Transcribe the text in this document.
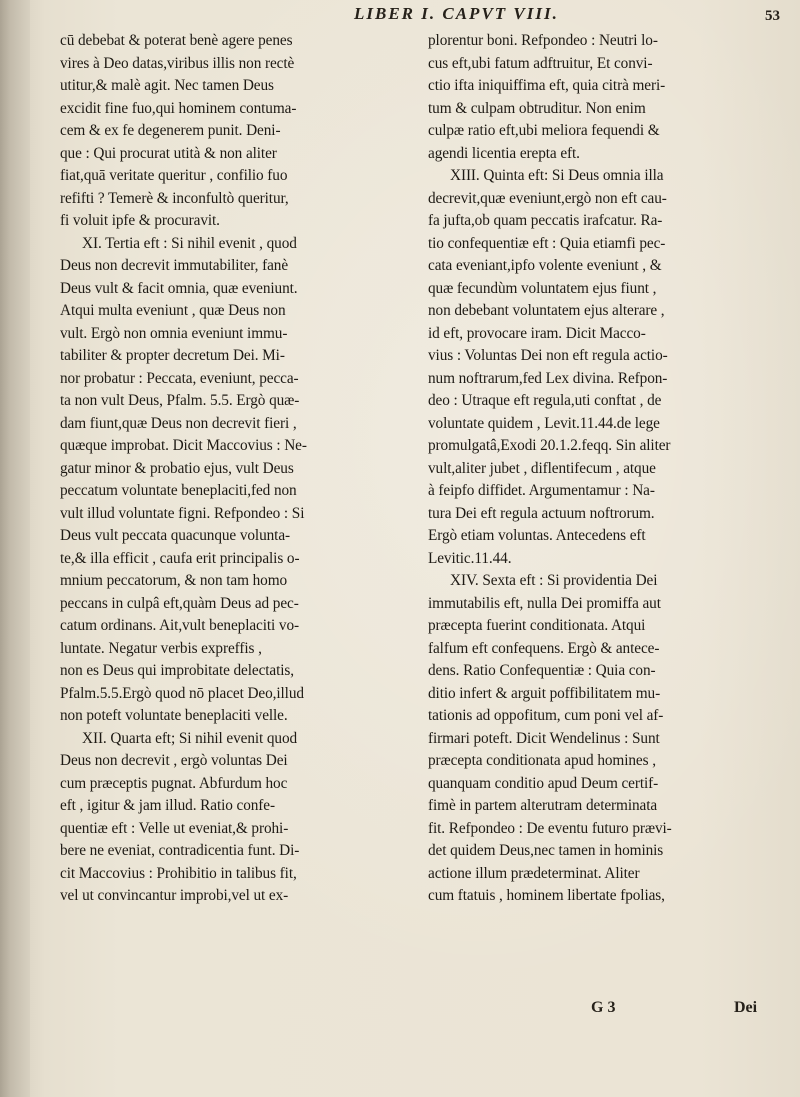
LIBER I. CAPVT VIII.	53
cū debebat & poterat benè agere penes
vires à Deo datas,viribus illis non rectè
utitur,& malè agit. Nec tamen Deus
excidit fine fuo,qui hominem contuma-
cem & ex fe degenerem punit. Deni-
que : Qui procurat utità & non aliter
fiat,quā veritate queritur , confilio fuo
refifti ? Temerè & inconfultò queritur,
fi voluit ipfe & procuravit.
XI. Tertia eft : Si nihil evenit , quod
Deus non decrevit immutabiliter, fanè
Deus vult & facit omnia, quæ eveniunt.
Atqui multa eveniunt , quæ Deus non
vult. Ergò non omnia eveniunt immu-
tabiliter & propter decretum Dei. Mi-
nor probatur : Peccata, eveniunt, pecca-
ta non vult Deus, Pfalm. 5.5. Ergò quæ-
dam fiunt,quæ Deus non decrevit fieri ,
quæque improbat. Dicit Maccovius : Ne-
gatur minor & probatio ejus, vult Deus
peccatum voluntate beneplaciti,fed non
vult illud voluntate figni. Refpondeo : Si
Deus vult peccata quacunque volunta-
te,& illa efficit , caufa erit principalis o-
mnium peccatorum, & non tam homo
peccans in culpâ eft,quàm Deus ad pec-
catum ordinans. Ait,vult beneplaciti vo-
luntate. Negatur verbis expreffis ,
non es Deus qui improbitate delectatis,
Pfalm.5.5.Ergò quod nō placet Deo,illud
non poteft voluntate beneplaciti velle.
XII. Quarta eft; Si nihil evenit quod
Deus non decrevit , ergò voluntas Dei
cum præceptis pugnat. Abfurdum hoc
eft , igitur & jam illud. Ratio confe-
quentiæ eft : Velle ut eveniat,& prohi-
bere ne eveniat, contradicentia funt. Di-
cit Maccovius : Prohibitio in talibus fit,
vel ut convincantur improbi,vel ut ex-
plorentur boni. Refpondeo : Neutri lo-
cus eft,ubi fatum adftruitur, Et convi-
ctio ifta iniquiffima eft, quia citrà meri-
tum & culpam obtruditur. Non enim
culpæ ratio eft,ubi meliora fequendi &
agendi licentia erepta eft.
XIII. Quinta eft: Si Deus omnia illa
decrevit,quæ eveniunt,ergò non eft cau-
fa jufta,ob quam peccatis irafcatur. Ra-
tio confequentiæ eft : Quia etiamfi pec-
cata eveniant,ipfo volente eveniunt , &
quæ fecundùm voluntatem ejus fiunt ,
non debebant voluntatem ejus alterare ,
id eft, provocare iram. Dicit Macco-
vius : Voluntas Dei non eft regula actio-
num noftrarum,fed Lex divina. Refpon-
deo : Utraque eft regula,uti conftat , de
voluntate quidem , Levit.11.44.de lege
promulgatâ,Exodi 20.1.2.feqq. Sin aliter
vult,aliter jubet , diflentifecum , atque
à feipfo diffidet. Argumentamur : Na-
tura Dei eft regula actuum noftrorum.
Ergò etiam voluntas. Antecedens eft
Levitic.11.44.
XIV. Sexta eft : Si providentia Dei
immutabilis eft, nulla Dei promiffa aut
præcepta fuerint conditionata. Atqui
falfum eft confequens. Ergò & antece-
dens. Ratio Confequentiæ : Quia con-
ditio infert & arguit poffibilitatem mu-
tationis ad oppofitum, cum poni vel af-
firmari poteft. Dicit Wendelinus : Sunt
præcepta conditionata apud homines ,
quanquam conditio apud Deum certif-
fimè in partem alterutram determinata
fit. Refpondeo : De eventu futuro prævi-
det quidem Deus,nec tamen in hominis
actione illum prædeterminat. Aliter
cum ftatuis , hominem libertate fpolias,
G 3	Dei
